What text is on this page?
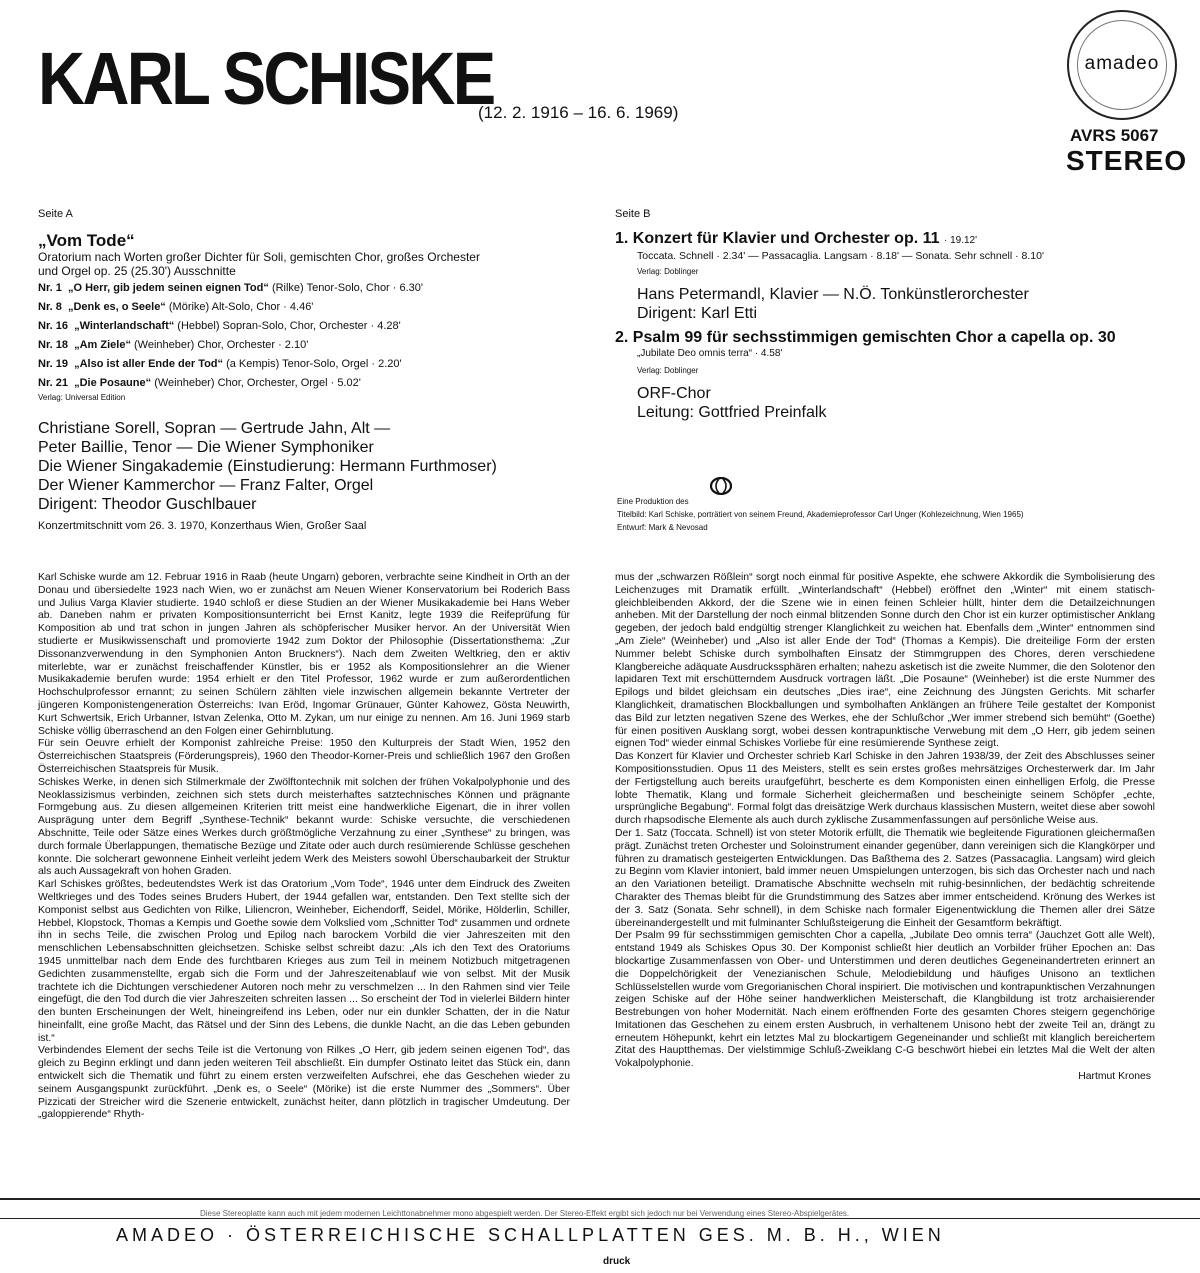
KARL SCHISKE
(12. 2. 1916 – 16. 6. 1969)
amadeo
AVRS 5067
STEREO
Seite A
„Vom Tode“
Oratorium nach Worten großer Dichter für Soli, gemischten Chor, großes Orchester
und Orgel op. 25 (25.30') Ausschnitte
Nr. 1 „O Herr, gib jedem seinen eignen Tod“ (Rilke) Tenor-Solo, Chor · 6.30'
Nr. 8 „Denk es, o Seele“ (Mörike) Alt-Solo, Chor · 4.46'
Nr. 16 „Winterlandschaft“ (Hebbel) Sopran-Solo, Chor, Orchester · 4.28'
Nr. 18 „Am Ziele“ (Weinheber) Chor, Orchester · 2.10'
Nr. 19 „Also ist aller Ende der Tod“ (a Kempis) Tenor-Solo, Orgel · 2.20'
Nr. 21 „Die Posaune“ (Weinheber) Chor, Orchester, Orgel · 5.02'
Verlag: Universal Edition
Christiane Sorell, Sopran — Gertrude Jahn, Alt —
Peter Baillie, Tenor — Die Wiener Symphoniker
Die Wiener Singakademie (Einstudierung: Hermann Furthmoser)
Der Wiener Kammerchor — Franz Falter, Orgel
Dirigent: Theodor Guschlbauer
Konzertmitschnitt vom 26. 3. 1970, Konzerthaus Wien, Großer Saal
Seite B
1. Konzert für Klavier und Orchester op. 11 · 19.12'
Toccata. Schnell · 2.34' — Passacaglia. Langsam · 8.18' — Sonata. Sehr schnell · 8.10'
Verlag: Doblinger
Hans Petermandl, Klavier — N.Ö. Tonkünstlerorchester
Dirigent: Karl Etti
2. Psalm 99 für sechsstimmigen gemischten Chor a capella op. 30
„Jubilate Deo omnis terra“ · 4.58'
Verlag: Doblinger
ORF-Chor
Leitung: Gottfried Preinfalk
Eine Produktion des
Titelbild: Karl Schiske, porträtiert von seinem Freund, Akademieprofessor Carl Unger (Kohlezeichnung, Wien 1965)
Entwurf: Mark & Nevosad

Karl Schiske wurde am 12. Februar 1916 in Raab (heute Ungarn) geboren, verbrachte seine Kindheit in Orth an der Donau und übersiedelte 1923 nach Wien, wo er zunächst am Neuen Wiener Konservatorium bei Roderich Bass und Julius Varga Klavier studierte. 1940 schloß er diese Studien an der Wiener Musikakademie bei Hans Weber ab. Daneben nahm er privaten Kompositionsunterricht bei Ernst Kanitz, legte 1939 die Reifeprüfung für Komposition ab und trat schon in jungen Jahren als schöpferischer Musiker hervor. An der Universität Wien studierte er Musikwissenschaft und promovierte 1942 zum Doktor der Philosophie (Dissertationsthema: „Zur Dissonanzverwendung in den Symphonien Anton Bruckners“). Nach dem Zweiten Weltkrieg, den er aktiv miterlebte, war er zunächst freischaffender Künstler, bis er 1952 als Kompositionslehrer an die Wiener Musikakademie berufen wurde: 1954 erhielt er den Titel Professor, 1962 wurde er zum außerordentlichen Hochschulprofessor ernannt; zu seinen Schülern zählten viele inzwischen allgemein bekannte Vertreter der jüngeren Komponistengeneration Österreichs: Ivan Eröd, Ingomar Grünauer, Günter Kahowez, Gösta Neuwirth, Kurt Schwertsik, Erich Urbanner, Istvan Zelenka, Otto M. Zykan, um nur einige zu nennen. Am 16. Juni 1969 starb Schiske völlig überraschend an den Folgen einer Gehirnblutung.

Für sein Oeuvre erhielt der Komponist zahlreiche Preise: 1950 den Kulturpreis der Stadt Wien, 1952 den Österreichischen Staatspreis (Förderungspreis), 1960 den Theodor-Korner-Preis und schließlich 1967 den Großen Österreichischen Staatspreis für Musik.

Schiskes Werke, in denen sich Stilmerkmale der Zwölftontechnik mit solchen der frühen Vokalpolyphonie und des Neoklassizismus verbinden, zeichnen sich stets durch meisterhaftes satztechnisches Können und prägnante Formgebung aus. Zu diesen allgemeinen Kriterien tritt meist eine handwerkliche Eigenart, die in ihrer vollen Ausprägung unter dem Begriff „Synthese-Technik“ bekannt wurde: Schiske versuchte, die verschiedenen Abschnitte, Teile oder Sätze eines Werkes durch größtmögliche Verzahnung zu einer „Synthese“ zu bringen, was durch formale Überlappungen, thematische Bezüge und Zitate oder auch durch resümierende Schlüsse geschehen konnte. Die solcherart gewonnene Einheit verleiht jedem Werk des Meisters sowohl Überschaubarkeit der Struktur als auch Aussagekraft von hohen Graden.

Karl Schiskes größtes, bedeutendstes Werk ist das Oratorium „Vom Tode“, 1946 unter dem Eindruck des Zweiten Weltkrieges und des Todes seines Bruders Hubert, der 1944 gefallen war, entstanden. Den Text stellte sich der Komponist selbst aus Gedichten von Rilke, Liliencron, Weinheber, Eichendorff, Seidel, Mörike, Hölderlin, Schiller, Hebbel, Klopstock, Thomas a Kempis und Goethe sowie dem Volkslied vom „Schnitter Tod“ zusammen und ordnete ihn in sechs Teile, die zwischen Prolog und Epilog nach barockem Vorbild die vier Jahreszeiten mit den menschlichen Lebensabschnitten gleichsetzen. Schiske selbst schreibt dazu: „Als ich den Text des Oratoriums 1945 unmittelbar nach dem Ende des furchtbaren Krieges aus zum Teil in meinem Notizbuch mitgetragenen Gedichten zusammenstellte, ergab sich die Form und der Jahreszeitenablauf wie von selbst. Mit der Musik trachtete ich die Dichtungen verschiedener Autoren noch mehr zu verschmelzen ... In den Rahmen sind vier Teile eingefügt, die den Tod durch die vier Jahreszeiten schreiten lassen ... So erscheint der Tod in vielerlei Bildern hinter den bunten Erscheinungen der Welt, hineingreifend ins Leben, oder nur ein dunkler Schatten, der in die Natur hineinfallt, eine große Macht, das Rätsel und der Sinn des Lebens, die dunkle Nacht, an die das Leben gebunden ist.“

Verbindendes Element der sechs Teile ist die Vertonung von Rilkes „O Herr, gib jedem seinen eigenen Tod“, das gleich zu Beginn erklingt und dann jeden weiteren Teil abschließt. Ein dumpfer Ostinato leitet das Stück ein, dann entwickelt sich die Thematik und führt zu einem ersten verzweifelten Aufschrei, ehe das Geschehen wieder zu seinem Ausgangspunkt zurückführt. „Denk es, o Seele“ (Mörike) ist die erste Nummer des „Sommers“. Über Pizzicati der Streicher wird die Szenerie entwickelt, zunächst heiter, dann plötzlich in tragischer Umdeutung. Der „galoppierende“ Rhyth-

mus der „schwarzen Rößlein“ sorgt noch einmal für positive Aspekte, ehe schwere Akkordik die Symbolisierung des Leichenzuges mit Dramatik erfüllt. „Winterlandschaft“ (Hebbel) eröffnet den „Winter“ mit einem statisch-gleichbleibenden Akkord, der die Szene wie in einen feinen Schleier hüllt, hinter dem die Detailzeichnungen anheben. Mit der Darstellung der noch einmal blitzenden Sonne durch den Chor ist ein kurzer optimistischer Anklang gegeben, der jedoch bald endgültig strenger Klanglichkeit zu weichen hat. Ebenfalls dem „Winter“ entnommen sind „Am Ziele“ (Weinheber) und „Also ist aller Ende der Tod“ (Thomas a Kempis). Die dreiteilige Form der ersten Nummer belebt Schiske durch symbolhaften Einsatz der Stimmgruppen des Chores, deren verschiedene Klangbereiche adäquate Ausdruckssphären erhalten; nahezu asketisch ist die zweite Nummer, die den Solotenor den lapidaren Text mit erschütterndem Ausdruck vortragen läßt. „Die Posaune“ (Weinheber) ist die erste Nummer des Epilogs und bildet gleichsam ein deutsches „Dies irae“, eine Zeichnung des Jüngsten Gerichts. Mit scharfer Klanglichkeit, dramatischen Blockballungen und symbolhaften Anklängen an frühere Teile gestaltet der Komponist das Bild zur letzten negativen Szene des Werkes, ehe der Schlußchor „Wer immer strebend sich bemüht“ (Goethe) für einen positiven Ausklang sorgt, wobei dessen kontrapunktische Verwebung mit dem „O Herr, gib jedem seinen eignen Tod“ wieder einmal Schiskes Vorliebe für eine resümierende Synthese zeigt.

Das Konzert für Klavier und Orchester schrieb Karl Schiske in den Jahren 1938/39, der Zeit des Abschlusses seiner Kompositionsstudien. Opus 11 des Meisters, stellt es sein erstes großes mehrsätziges Orchesterwerk dar. Im Jahr der Fertigstellung auch bereits uraufgeführt, bescherte es dem Komponisten einen einhelligen Erfolg, die Presse lobte Thematik, Klang und formale Sicherheit gleichermaßen und bescheinigte seinem Schöpfer „echte, ursprüngliche Begabung“. Formal folgt das dreisätzige Werk durchaus klassischen Mustern, weitet diese aber sowohl durch rhapsodische Elemente als auch durch zyklische Zusammenfassungen auf persönliche Weise aus.

Der 1. Satz (Toccata. Schnell) ist von steter Motorik erfüllt, die Thematik wie begleitende Figurationen gleichermaßen prägt. Zunächst treten Orchester und Soloinstrument einander gegenüber, dann vereinigen sich die Klangkörper und führen zu dramatisch gesteigerten Entwicklungen. Das Baßthema des 2. Satzes (Passacaglia. Langsam) wird gleich zu Beginn vom Klavier intoniert, bald immer neuen Umspielungen unterzogen, bis sich das Orchester nach und nach an den Variationen beteiligt. Dramatische Abschnitte wechseln mit ruhig-besinnlichen, der bedächtig schreitende Charakter des Themas bleibt für die Grundstimmung des Satzes aber immer entscheidend. Krönung des Werkes ist der 3. Satz (Sonata. Sehr schnell), in dem Schiske nach formaler Eigenentwicklung die Themen aller drei Sätze übereinandergestellt und mit fulminanter Schlußsteigerung die Einheit der Gesamtform bekräftigt.

Der Psalm 99 für sechsstimmigen gemischten Chor a capella, „Jubilate Deo omnis terra“ (Jauchzet Gott alle Welt), entstand 1949 als Schiskes Opus 30. Der Komponist schließt hier deutlich an Vorbilder früher Epochen an: Das blockartige Zusammenfassen von Ober- und Unterstimmen und deren deutliches Gegeneinandertreten erinnert an die Doppelchörigkeit der Venezianischen Schule, Melodiebildung und häufiges Unisono an textlichen Schlüsselstellen wurde vom Gregorianischen Choral inspiriert. Die motivischen und kontrapunktischen Verzahnungen zeigen Schiske auf der Höhe seiner handwerklichen Meisterschaft, die Klangbildung ist trotz archaisierender Bestrebungen von hoher Modernität. Nach einem eröffnenden Forte des gesamten Chores steigern gegenchörige Imitationen das Geschehen zu einem ersten Ausbruch, in verhaltenem Unisono hebt der zweite Teil an, drängt zu erneutem Höhepunkt, kehrt ein letztes Mal zu blockartigem Gegeneinander und schließt mit klanglich bereichertem Zitat des Hauptthemas. Der vielstimmige Schluß-Zweiklang C-G beschwört hiebei ein letztes Mal die Welt der alten Vokalpolyphonie.

Hartmut Krones
Diese Stereoplatte kann auch mit jedem modernen Leichttonabnehmer mono abgespielt werden. Der Stereo-Effekt ergibt sich jedoch nur bei Verwendung eines Stereo-Abspielgerätes.
AMADEO · ÖSTERREICHISCHE SCHALLPLATTEN GES. M. B. H., WIEN
druck
